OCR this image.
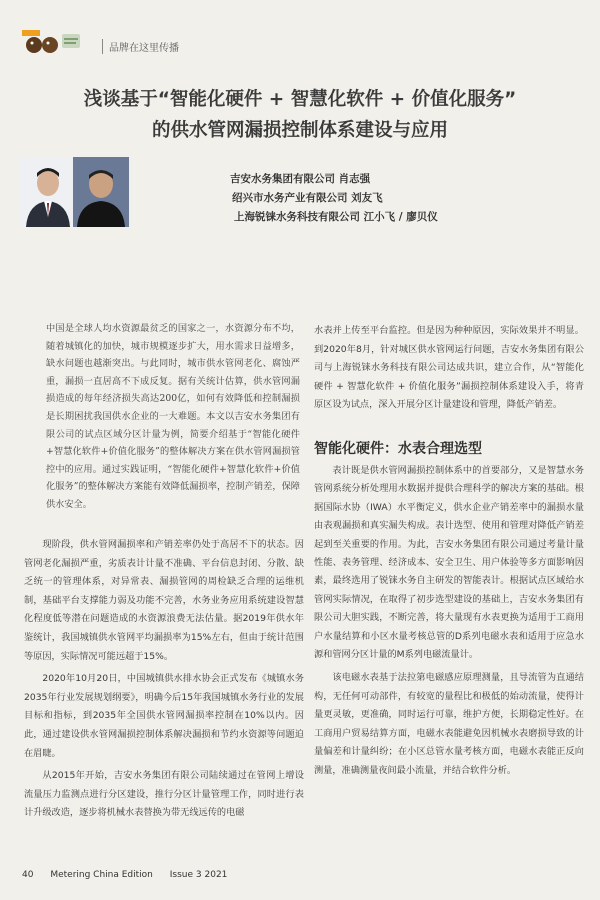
品牌在这里传播
浅谈基于“智能化硬件 + 智慧化软件 + 价值化服务”
的供水管网漏损控制体系建设与应用
吉安水务集团有限公司 肖志强
绍兴市水务产业有限公司 刘友飞
上海锐铼水务科技有限公司 江小飞 / 廖贝仪

中国是全球人均水资源最贫乏的国家之一，水资源分布不均，随着城镇化的加快，城市规模逐步扩大，用水需求日益增多，缺水问题也越渐突出。与此同时，城市供水管网老化、腐蚀严重，漏损一直居高不下成反复。据有关统计估算，供水管网漏损造成的每年经济损失高达200亿，如何有效降低和控制漏损是长期困扰我国供水企业的一大难题。本文以吉安水务集团有限公司的试点区域分区计量为例，简要介绍基于“智能化硬件+智慧化软件+价值化服务”的整体解决方案在供水管网漏损管控中的应用。通过实践证明，“智能化硬件+智慧化软件+价值化服务”的整体解决方案能有效降低漏损率，控制产销差，保障供水安全。

现阶段，供水管网漏损率和产销差率仍处于高居不下的状态。因管网老化漏损严重，劣质表计计量不准确、平台信息封闭、分散、缺乏统一的管理体系，对异常表、漏损管网的周检缺乏合理的运维机制，基础平台支撑能力弱及功能不完善，水务业务应用系统建设智慧化程度低等潜在问题造成的水资源浪费无法估量。据2019年供水年鉴统计，我国城镇供水管网平均漏损率为15%左右，但由于统计范围等原因，实际情况可能远超于15%。

2020年10月20日，中国城镇供水排水协会正式发布《城镇水务2035年行业发展规划纲要》，明确今后15年我国城镇水务行业的发展目标和指标，到2035年全国供水管网漏损率控制在10%以内。因此，通过建设供水管网漏损控制体系解决漏损和节约水资源等问题迫在眉睫。

从2015年开始，吉安水务集团有限公司陆续通过在管网上增设流量压力监测点进行分区建设，推行分区计量管理工作，同时进行表计升级改造，逐步将机械水表替换为带无线远传的电磁

水表并上传至平台监控。但是因为种种原因，实际效果并不明显。到2020年8月，针对城区供水管网运行问题，吉安水务集团有限公司与上海锐铼水务科技有限公司达成共识，建立合作，从“智能化硬件 + 智慧化软件 + 价值化服务”漏损控制体系建设入手，将青原区设为试点，深入开展分区计量建设和管理，降低产销差。

智能化硬件：水表合理选型

表计既是供水管网漏损控制体系中的首要部分，又是智慧水务管网系统分析处理用水数据并提供合理科学的解决方案的基础。根据国际水协（IWA）水平衡定义，供水企业产销差率中的漏损水量由表观漏损和真实漏失构成。表计选型、使用和管理对降低产销差起到至关重要的作用。为此，吉安水务集团有限公司通过考量计量性能、表务管理、经济成本、安全卫生、用户体验等多方面影响因素，最终选用了锐铼水务自主研发的智能表计。根据试点区域给水管网实际情况，在取得了初步选型建设的基础上，吉安水务集团有限公司大胆实践，不断完善，将大量现有水表更换为适用于工商用户水量结算和小区水量考核总管的D系列电磁水表和适用于应急水源和管网分区计量的M系列电磁流量计。

该电磁水表基于法拉第电磁感应原理测量，且导流管为直通结构，无任何可动部件，有较宽的量程比和极低的始动流量，使得计量更灵敏，更准确，同时运行可靠，维护方便，长期稳定性好。在工商用户贸易结算方面，电磁水表能避免因机械水表磨损导致的计量偏差和计量纠纷；在小区总管水量考核方面，电磁水表能正反向测量，准确测量夜间最小流量，并结合软件分析。

40 Metering China Edition Issue 3 2021
